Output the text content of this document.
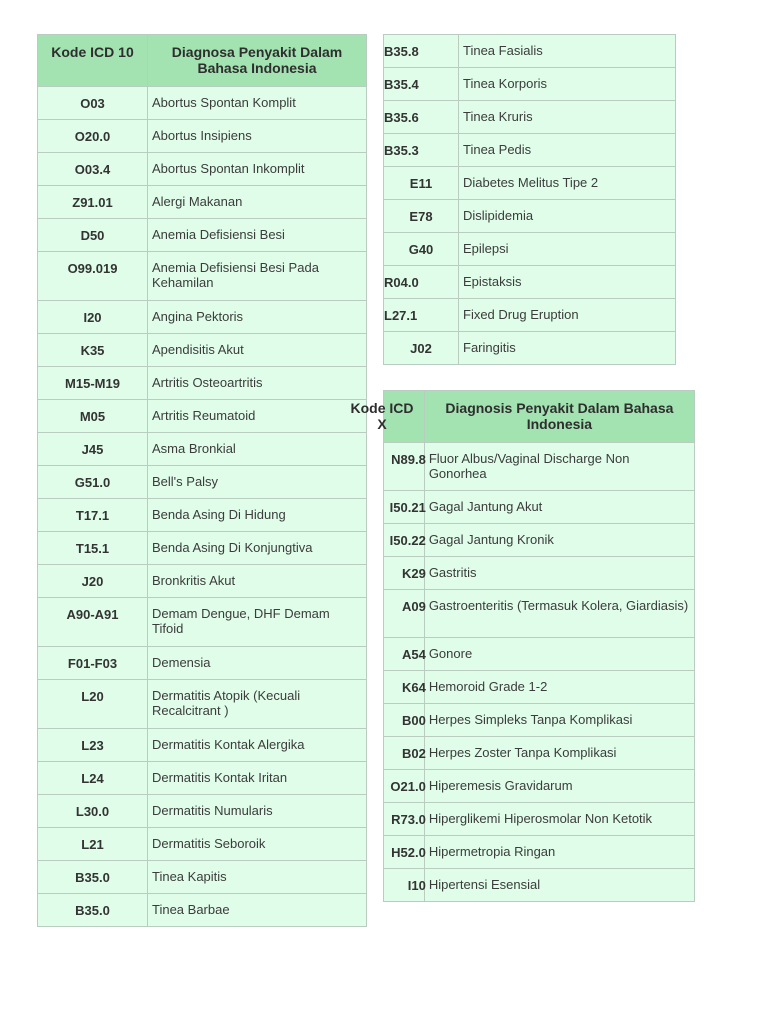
Kode ICD 10	Diagnosa Penyakit Dalam Bahasa Indonesia
O03	Abortus Spontan Komplit
O20.0	Abortus Insipiens
O03.4	Abortus Spontan Inkomplit
Z91.01	Alergi Makanan
D50	Anemia Defisiensi Besi
O99.019	Anemia Defisiensi Besi Pada Kehamilan
I20	Angina Pektoris
K35	Apendisitis Akut
M15-M19	Artritis Osteoartritis
M05	Artritis Reumatoid
J45	Asma Bronkial
G51.0	Bell's Palsy
T17.1	Benda Asing Di Hidung
T15.1	Benda Asing Di Konjungtiva
J20	Bronkritis Akut
A90-A91	Demam Dengue, DHF Demam Tifoid
F01-F03	Demensia
L20	Dermatitis Atopik (Kecuali Recalcitrant )
L23	Dermatitis Kontak Alergika
L24	Dermatitis Kontak Iritan
L30.0	Dermatitis Numularis
L21	Dermatitis Seboroik
B35.0	Tinea Kapitis
B35.0	Tinea Barbae
B35.8	Tinea Fasialis
B35.4	Tinea Korporis
B35.6	Tinea Kruris
B35.3	Tinea Pedis
E11	Diabetes Melitus Tipe 2
E78	Dislipidemia
G40	Epilepsi
R04.0	Epistaksis
L27.1	Fixed Drug Eruption
J02	Faringitis
Kode ICD X	Diagnosis Penyakit Dalam Bahasa Indonesia

N89.8	Fluor Albus/Vaginal Discharge Non Gonorhea

I50.21	Gagal Jantung Akut

I50.22	Gagal Jantung Kronik

K29	Gastritis

A09	Gastroenteritis (Termasuk Kolera, Giardiasis)

A54	Gonore

K64	Hemoroid Grade 1-2

B00	Herpes Simpleks Tanpa Komplikasi

B02	Herpes Zoster Tanpa Komplikasi

O21.0	Hiperemesis Gravidarum

R73.0	Hiperglikemi Hiperosmolar Non Ketotik

H52.0	Hipermetropia Ringan

I10	Hipertensi Esensial
